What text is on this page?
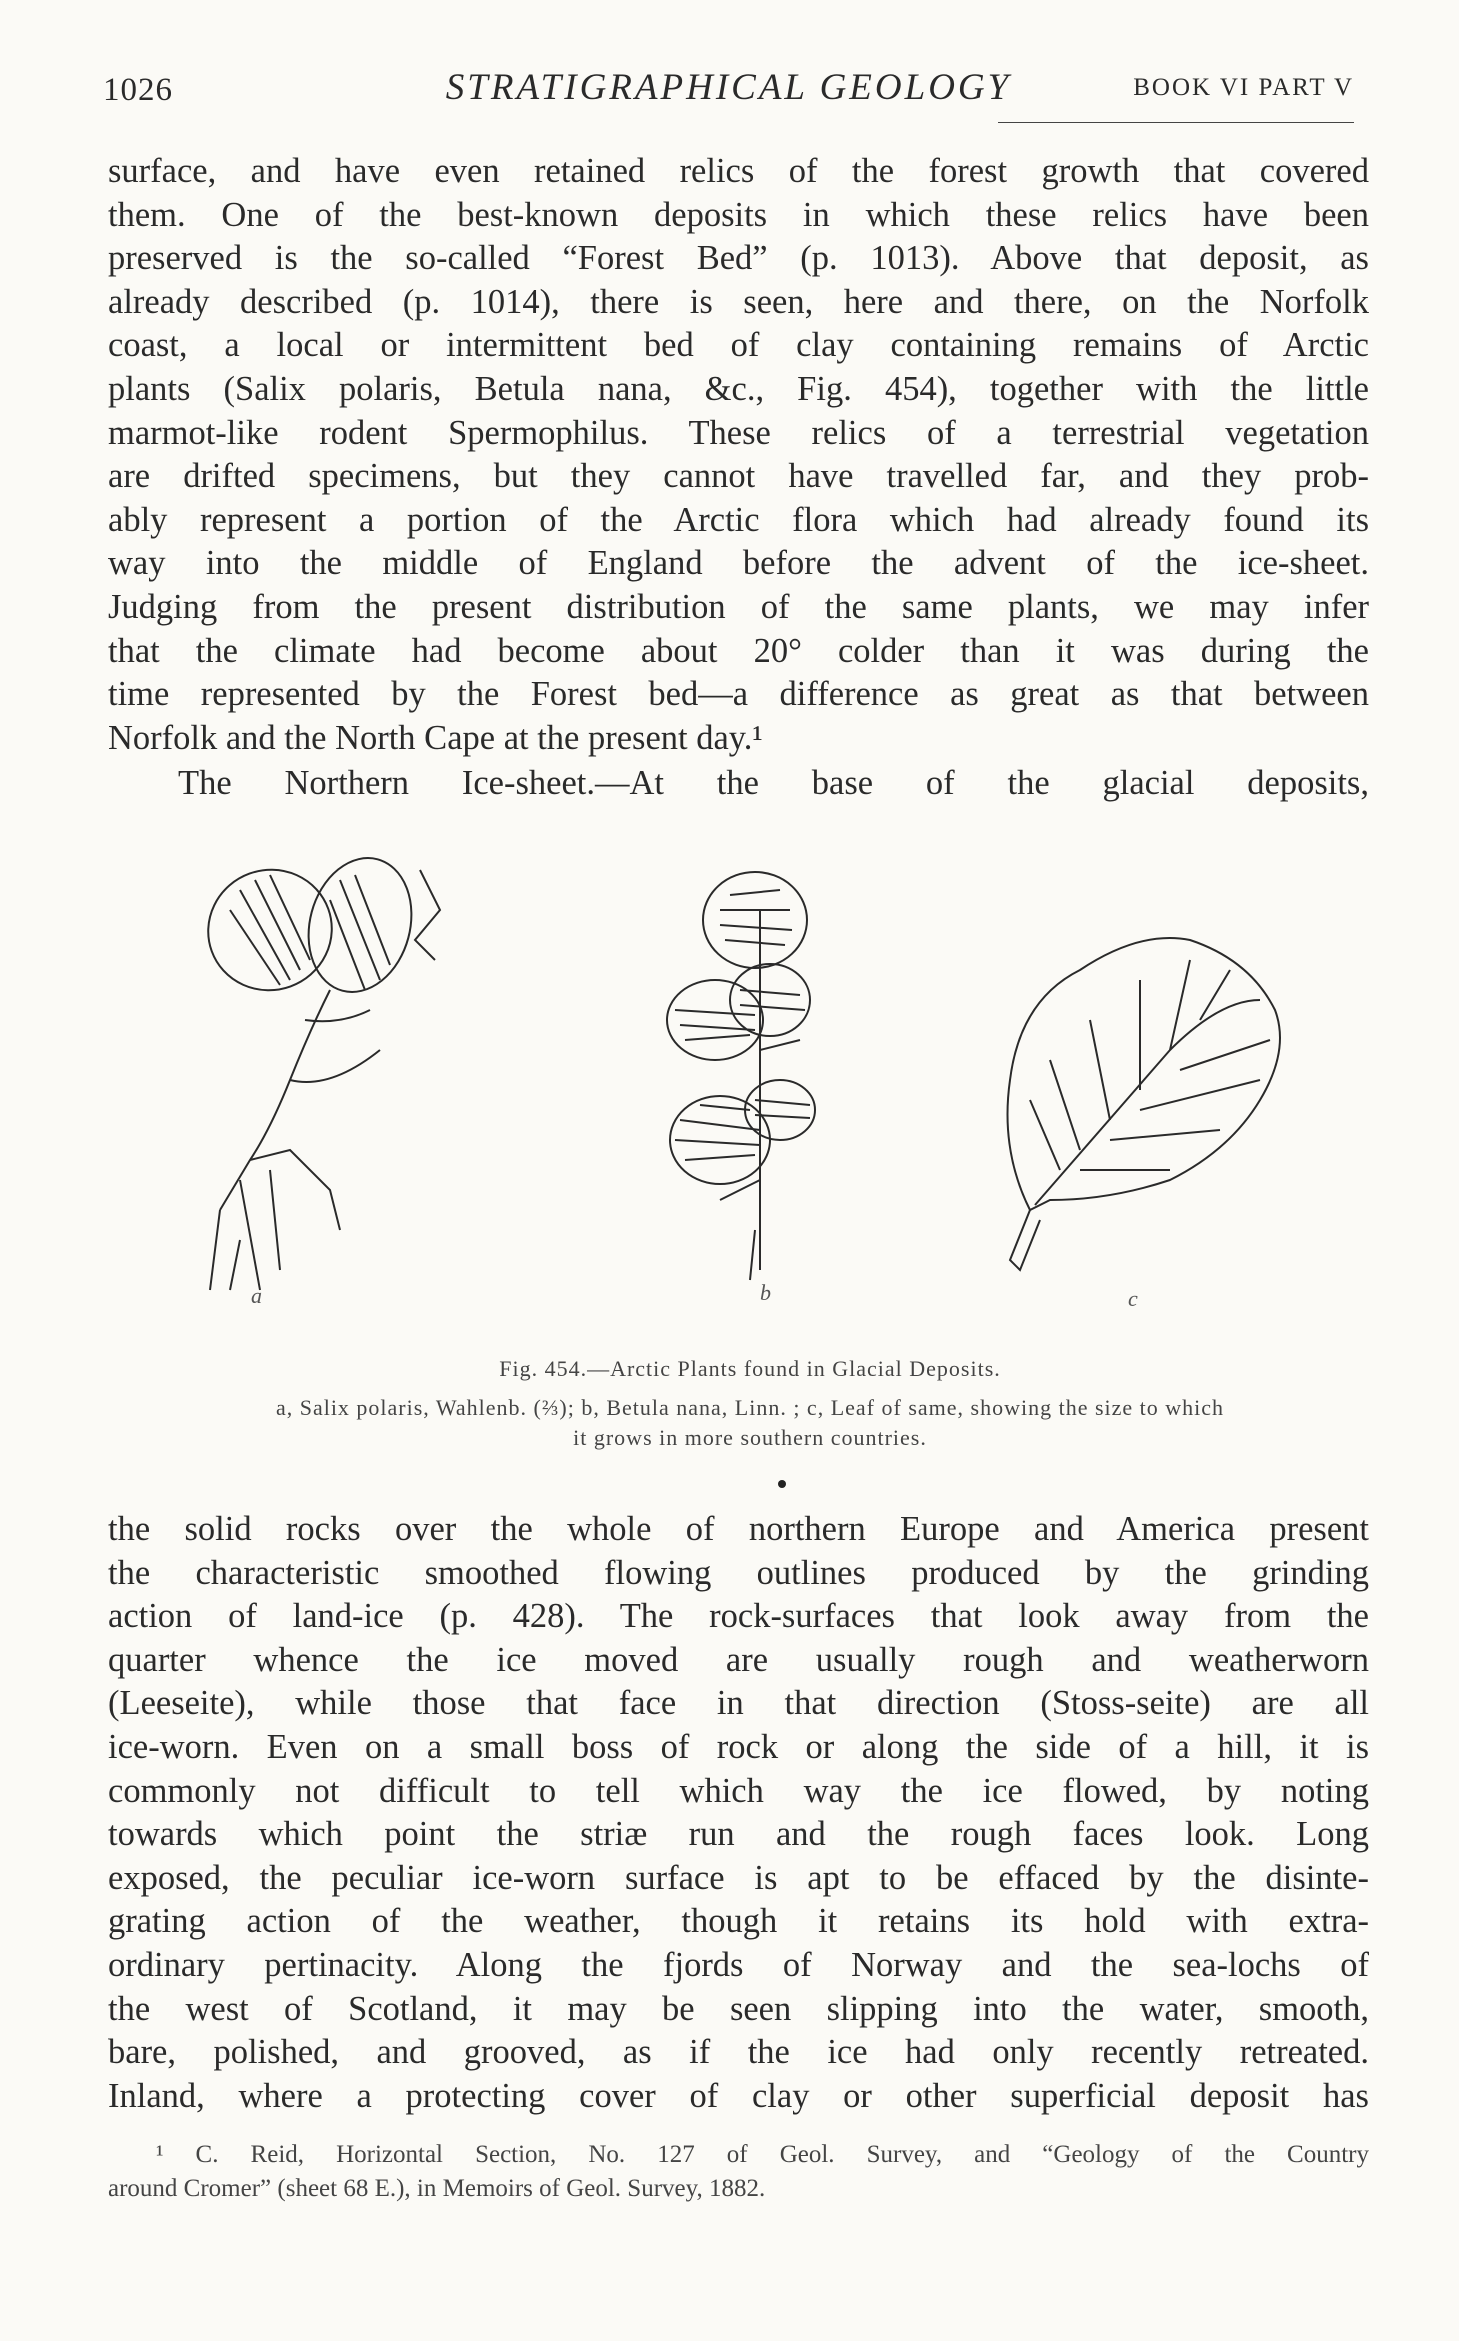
1026	STRATIGRAPHICAL GEOLOGY	BOOK VI PART V
surface, and have even retained relics of the forest growth that covered
them. One of the best-known deposits in which these relics have been
preserved is the so-called “Forest Bed” (p. 1013). Above that deposit, as
already described (p. 1014), there is seen, here and there, on the Norfolk
coast, a local or intermittent bed of clay containing remains of Arctic
plants (Salix polaris, Betula nana, &c., Fig. 454), together with the little
marmot-like rodent Spermophilus. These relics of a terrestrial vegetation
are drifted specimens, but they cannot have travelled far, and they prob-
ably represent a portion of the Arctic flora which had already found its
way into the middle of England before the advent of the ice-sheet.
Judging from the present distribution of the same plants, we may infer
that the climate had become about 20° colder than it was during the
time represented by the Forest bed—a difference as great as that between
Norfolk and the North Cape at the present day.¹
The Northern Ice-sheet.—At the base of the glacial deposits,
a	b	c
Fig. 454.—Arctic Plants found in Glacial Deposits.
a, Salix polaris, Wahlenb. (⅔); b, Betula nana, Linn. ; c, Leaf of same, showing the size to which
it grows in more southern countries.
the solid rocks over the whole of northern Europe and America present
the characteristic smoothed flowing outlines produced by the grinding
action of land-ice (p. 428). The rock-surfaces that look away from the
quarter whence the ice moved are usually rough and weatherworn
(Leeseite), while those that face in that direction (Stoss-seite) are all
ice-worn. Even on a small boss of rock or along the side of a hill, it is
commonly not difficult to tell which way the ice flowed, by noting
towards which point the striæ run and the rough faces look. Long
exposed, the peculiar ice-worn surface is apt to be effaced by the disinte-
grating action of the weather, though it retains its hold with extra-
ordinary pertinacity. Along the fjords of Norway and the sea-lochs of
the west of Scotland, it may be seen slipping into the water, smooth,
bare, polished, and grooved, as if the ice had only recently retreated.
Inland, where a protecting cover of clay or other superficial deposit has
¹ C. Reid, Horizontal Section, No. 127 of Geol. Survey, and “Geology of the Country
around Cromer” (sheet 68 E.), in Memoirs of Geol. Survey, 1882.
